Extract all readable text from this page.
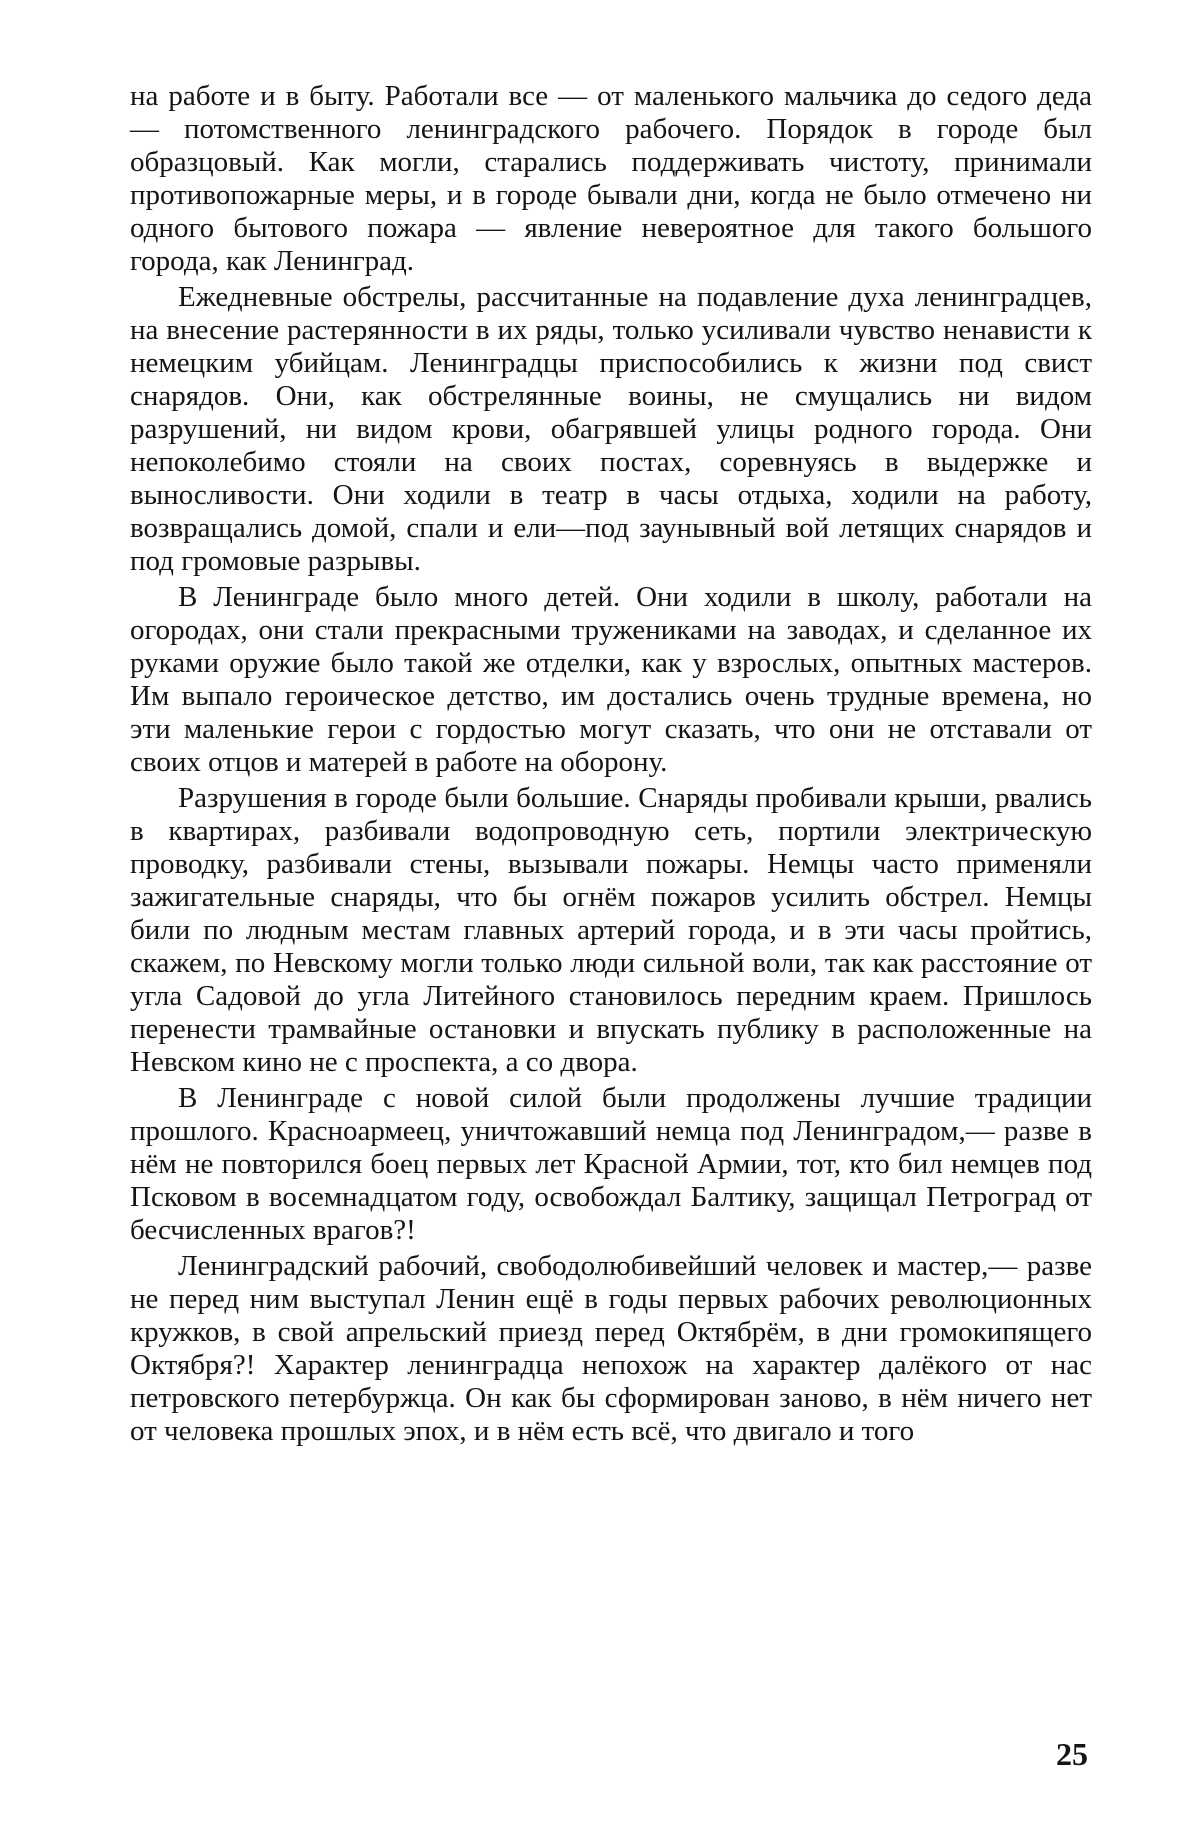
на работе и в быту. Работали все — от маленького мальчика до седого деда — потомственного ленинградского рабочего. Порядок в городе был образцовый. Как могли, старались поддерживать чистоту, принимали противопожарные меры, и в городе бывали дни, когда не было отмечено ни одного бытового пожара — явление невероятное для такого большого города, как Ленинград.

Ежедневные обстрелы, рассчитанные на подавление духа ленинградцев, на внесение растерянности в их ряды, только усиливали чувство ненависти к немецким убийцам. Ленинградцы приспособились к жизни под свист снарядов. Они, как обстрелянные воины, не смущались ни видом разрушений, ни видом крови, обагрявшей улицы родного города. Они непоколебимо стояли на своих постах, соревнуясь в выдержке и выносливости. Они ходили в театр в часы отдыха, ходили на работу, возвращались домой, спали и ели—под заунывный вой летящих снарядов и под громовые разрывы.

В Ленинграде было много детей. Они ходили в школу, работали на огородах, они стали прекрасными тружениками на заводах, и сделанное их руками оружие было такой же отделки, как у взрослых, опытных мастеров. Им выпало героическое детство, им достались очень трудные времена, но эти маленькие герои с гордостью могут сказать, что они не отставали от своих отцов и матерей в работе на оборону.

Разрушения в городе были большие. Снаряды пробивали крыши, рвались в квартирах, разбивали водопроводную сеть, портили электрическую проводку, разбивали стены, вызывали пожары. Немцы часто применяли зажигательные снаряды, что бы огнём пожаров усилить обстрел. Немцы били по людным местам главных артерий города, и в эти часы пройтись, скажем, по Невскому могли только люди сильной воли, так как расстояние от угла Садовой до угла Литейного становилось передним краем. Пришлось перенести трамвайные остановки и впускать публику в расположенные на Невском кино не с проспекта, а со двора.

В Ленинграде с новой силой были продолжены лучшие традиции прошлого. Красноармеец, уничтожавший немца под Ленинградом,— разве в нём не повторился боец первых лет Красной Армии, тот, кто бил немцев под Псковом в восемнадцатом году, освобождал Балтику, защищал Петроград от бесчисленных врагов?!

Ленинградский рабочий, свободолюбивейший человек и мастер,— разве не перед ним выступал Ленин ещё в годы первых рабочих революционных кружков, в свой апрельский приезд перед Октябрём, в дни громокипящего Октября?! Характер ленинградца непохож на характер далёкого от нас петровского петербуржца. Он как бы сформирован заново, в нём ничего нет от человека прошлых эпох, и в нём есть всё, что двигало и того

25
